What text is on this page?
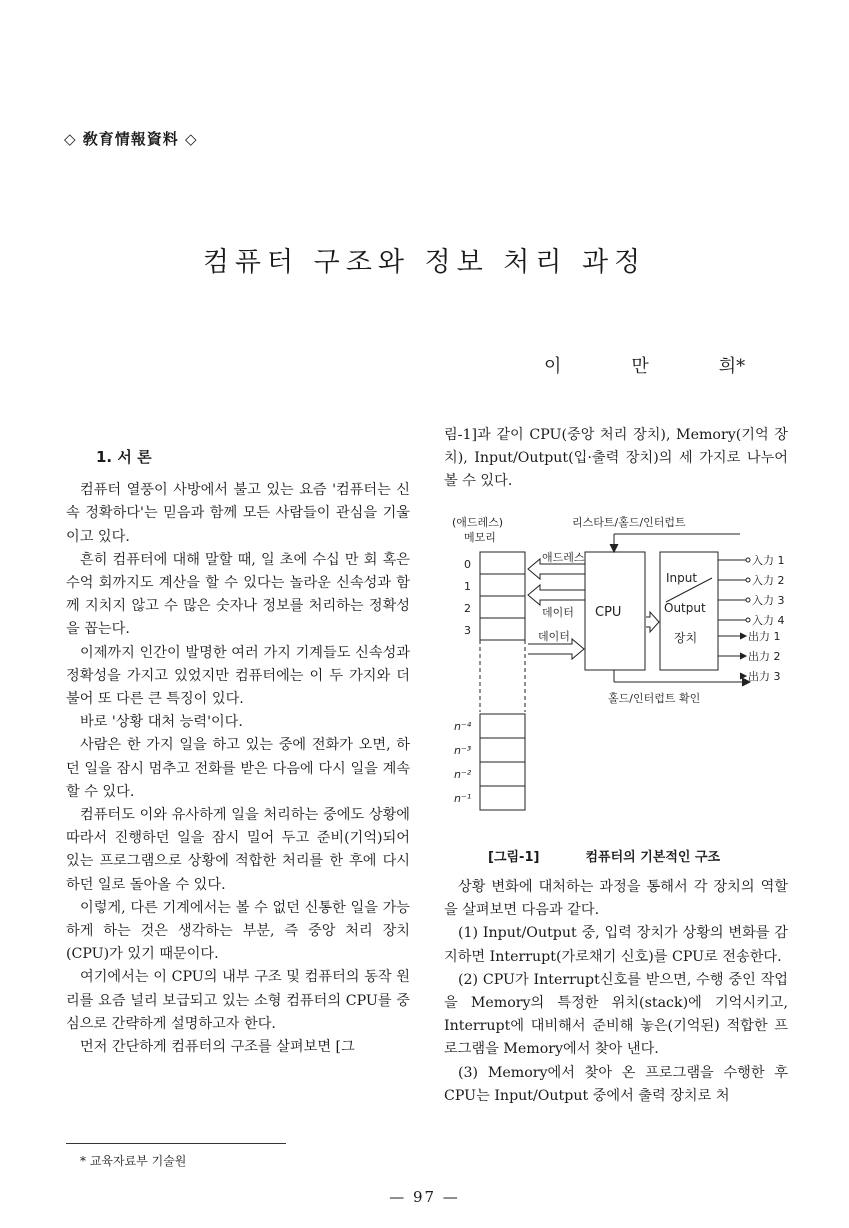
◇ 敎育情報資料 ◇
컴퓨터 구조와 정보 처리 과정
이	만	희*
1. 서 론

컴퓨터 열풍이 사방에서 불고 있는 요즘 '컴퓨터는 신속 정확하다'는 믿음과 함께 모든 사람들이 관심을 기울이고 있다.

흔히 컴퓨터에 대해 말할 때, 일 초에 수십 만 회 혹은 수억 회까지도 계산을 할 수 있다는 놀라운 신속성과 함께 지치지 않고 수 많은 숫자나 정보를 처리하는 정확성을 꼽는다.

이제까지 인간이 발명한 여러 가지 기계들도 신속성과 정확성을 가지고 있었지만 컴퓨터에는 이 두 가지와 더불어 또 다른 큰 특징이 있다.

바로 '상황 대처 능력'이다.

사람은 한 가지 일을 하고 있는 중에 전화가 오면, 하던 일을 잠시 멈추고 전화를 받은 다음에 다시 일을 계속할 수 있다.

컴퓨터도 이와 유사하게 일을 처리하는 중에도 상황에 따라서 진행하던 일을 잠시 밀어 두고 준비(기억)되어 있는 프로그램으로 상황에 적합한 처리를 한 후에 다시 하던 일로 돌아올 수 있다.

이렇게, 다른 기계에서는 볼 수 없던 신통한 일을 가능하게 하는 것은 생각하는 부분, 즉 중앙 처리 장치(CPU)가 있기 때문이다.

여기에서는 이 CPU의 내부 구조 및 컴퓨터의 동작 원리를 요즘 널리 보급되고 있는 소형 컴퓨터의 CPU를 중심으로 간략하게 설명하고자 한다.

먼저 간단하게 컴퓨터의 구조를 살펴보면 [그

림-1]과 같이 CPU(중앙 처리 장치), Memory(기억 장치), Input/Output(입·출력 장치)의 세 가지로 나누어 볼 수 있다.

(애드레스)
메모리
리스타트/홀드/인터럽트
0
1
2
3
n⁻⁴
n⁻³
n⁻²
n⁻¹
CPU
Input
Output
장치
애드레스
데이터
데이터
홀드/인터럽트 확인
入力 1
入力 2
入力 3
入力 4
出力 1
出力 2
出力 3
[그림-1]	컴퓨터의 기본적인 구조

상황 변화에 대처하는 과정을 통해서 각 장치의 역할을 살펴보면 다음과 같다.

(1) Input/Output 중, 입력 장치가 상황의 변화를 감지하면 Interrupt(가로채기 신호)를 CPU로 전송한다.

(2) CPU가 Interrupt신호를 받으면, 수행 중인 작업을 Memory의 특정한 위치(stack)에 기억시키고, Interrupt에 대비해서 준비해 놓은(기억된) 적합한 프로그램을 Memory에서 찾아 낸다.

(3) Memory에서 찾아 온 프로그램을 수행한 후 CPU는 Input/Output 중에서 출력 장치로 처

* 교육자료부 기술원
— 97 —
